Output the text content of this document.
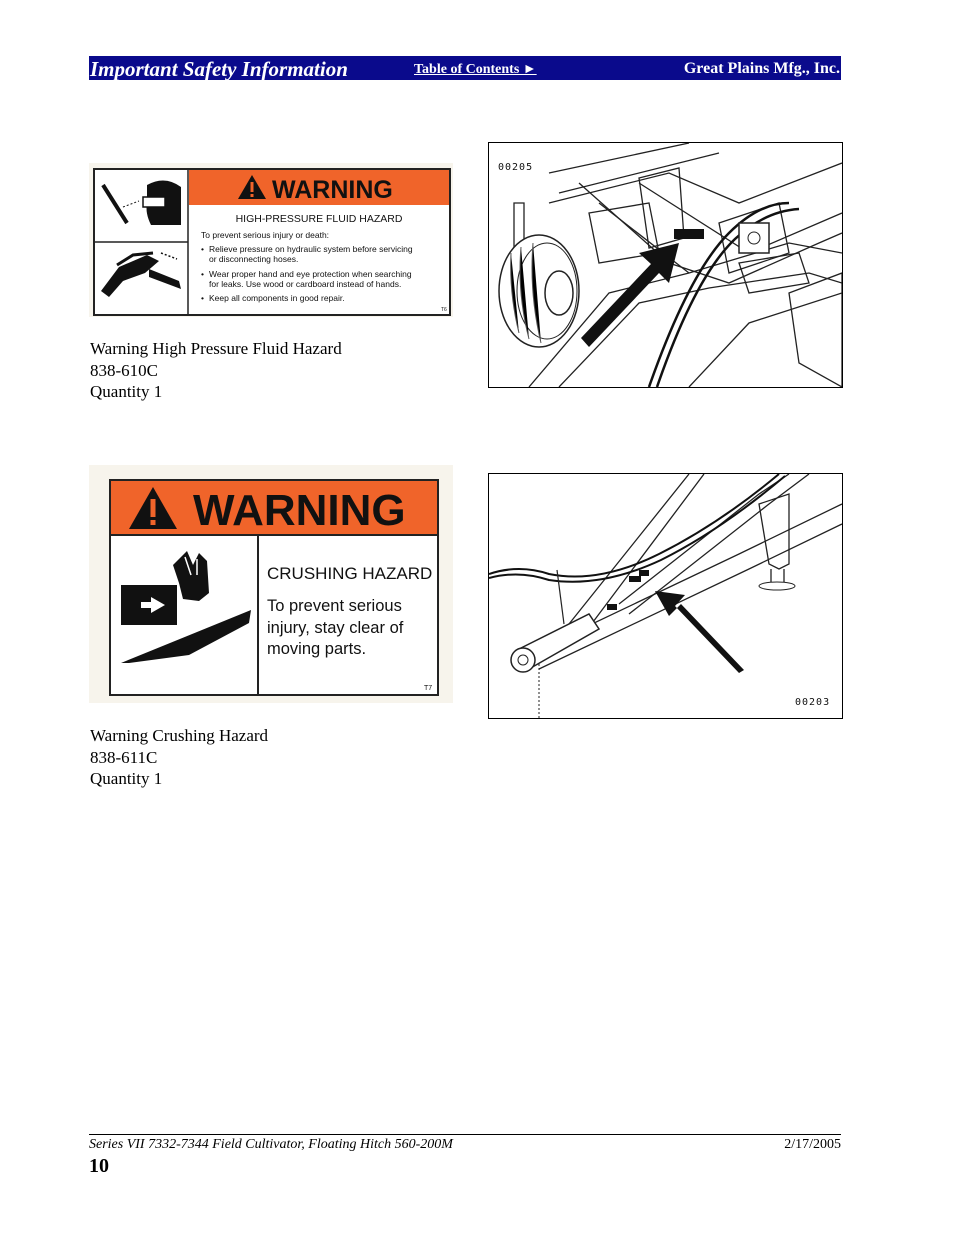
Important Safety Information	Table of Contents ►	Great Plains Mfg., Inc.
WARNING
HIGH-PRESSURE FLUID HAZARD
To prevent serious injury or death:
• Relieve pressure on hydraulic system before servicing
or disconnecting hoses.
• Wear proper hand and eye protection when searching
for leaks. Use wood or cardboard instead of hands.
• Keep all components in good repair.
T6
Warning High Pressure Fluid Hazard
838-610C
Quantity 1
00205
WARNING
CRUSHING HAZARD
To prevent serious
injury, stay clear of
moving parts.
T7
Warning Crushing Hazard
838-611C
Quantity 1
00203
Series VII 7332-7344 Field Cultivator, Floating Hitch 560-200M	2/17/2005
10
